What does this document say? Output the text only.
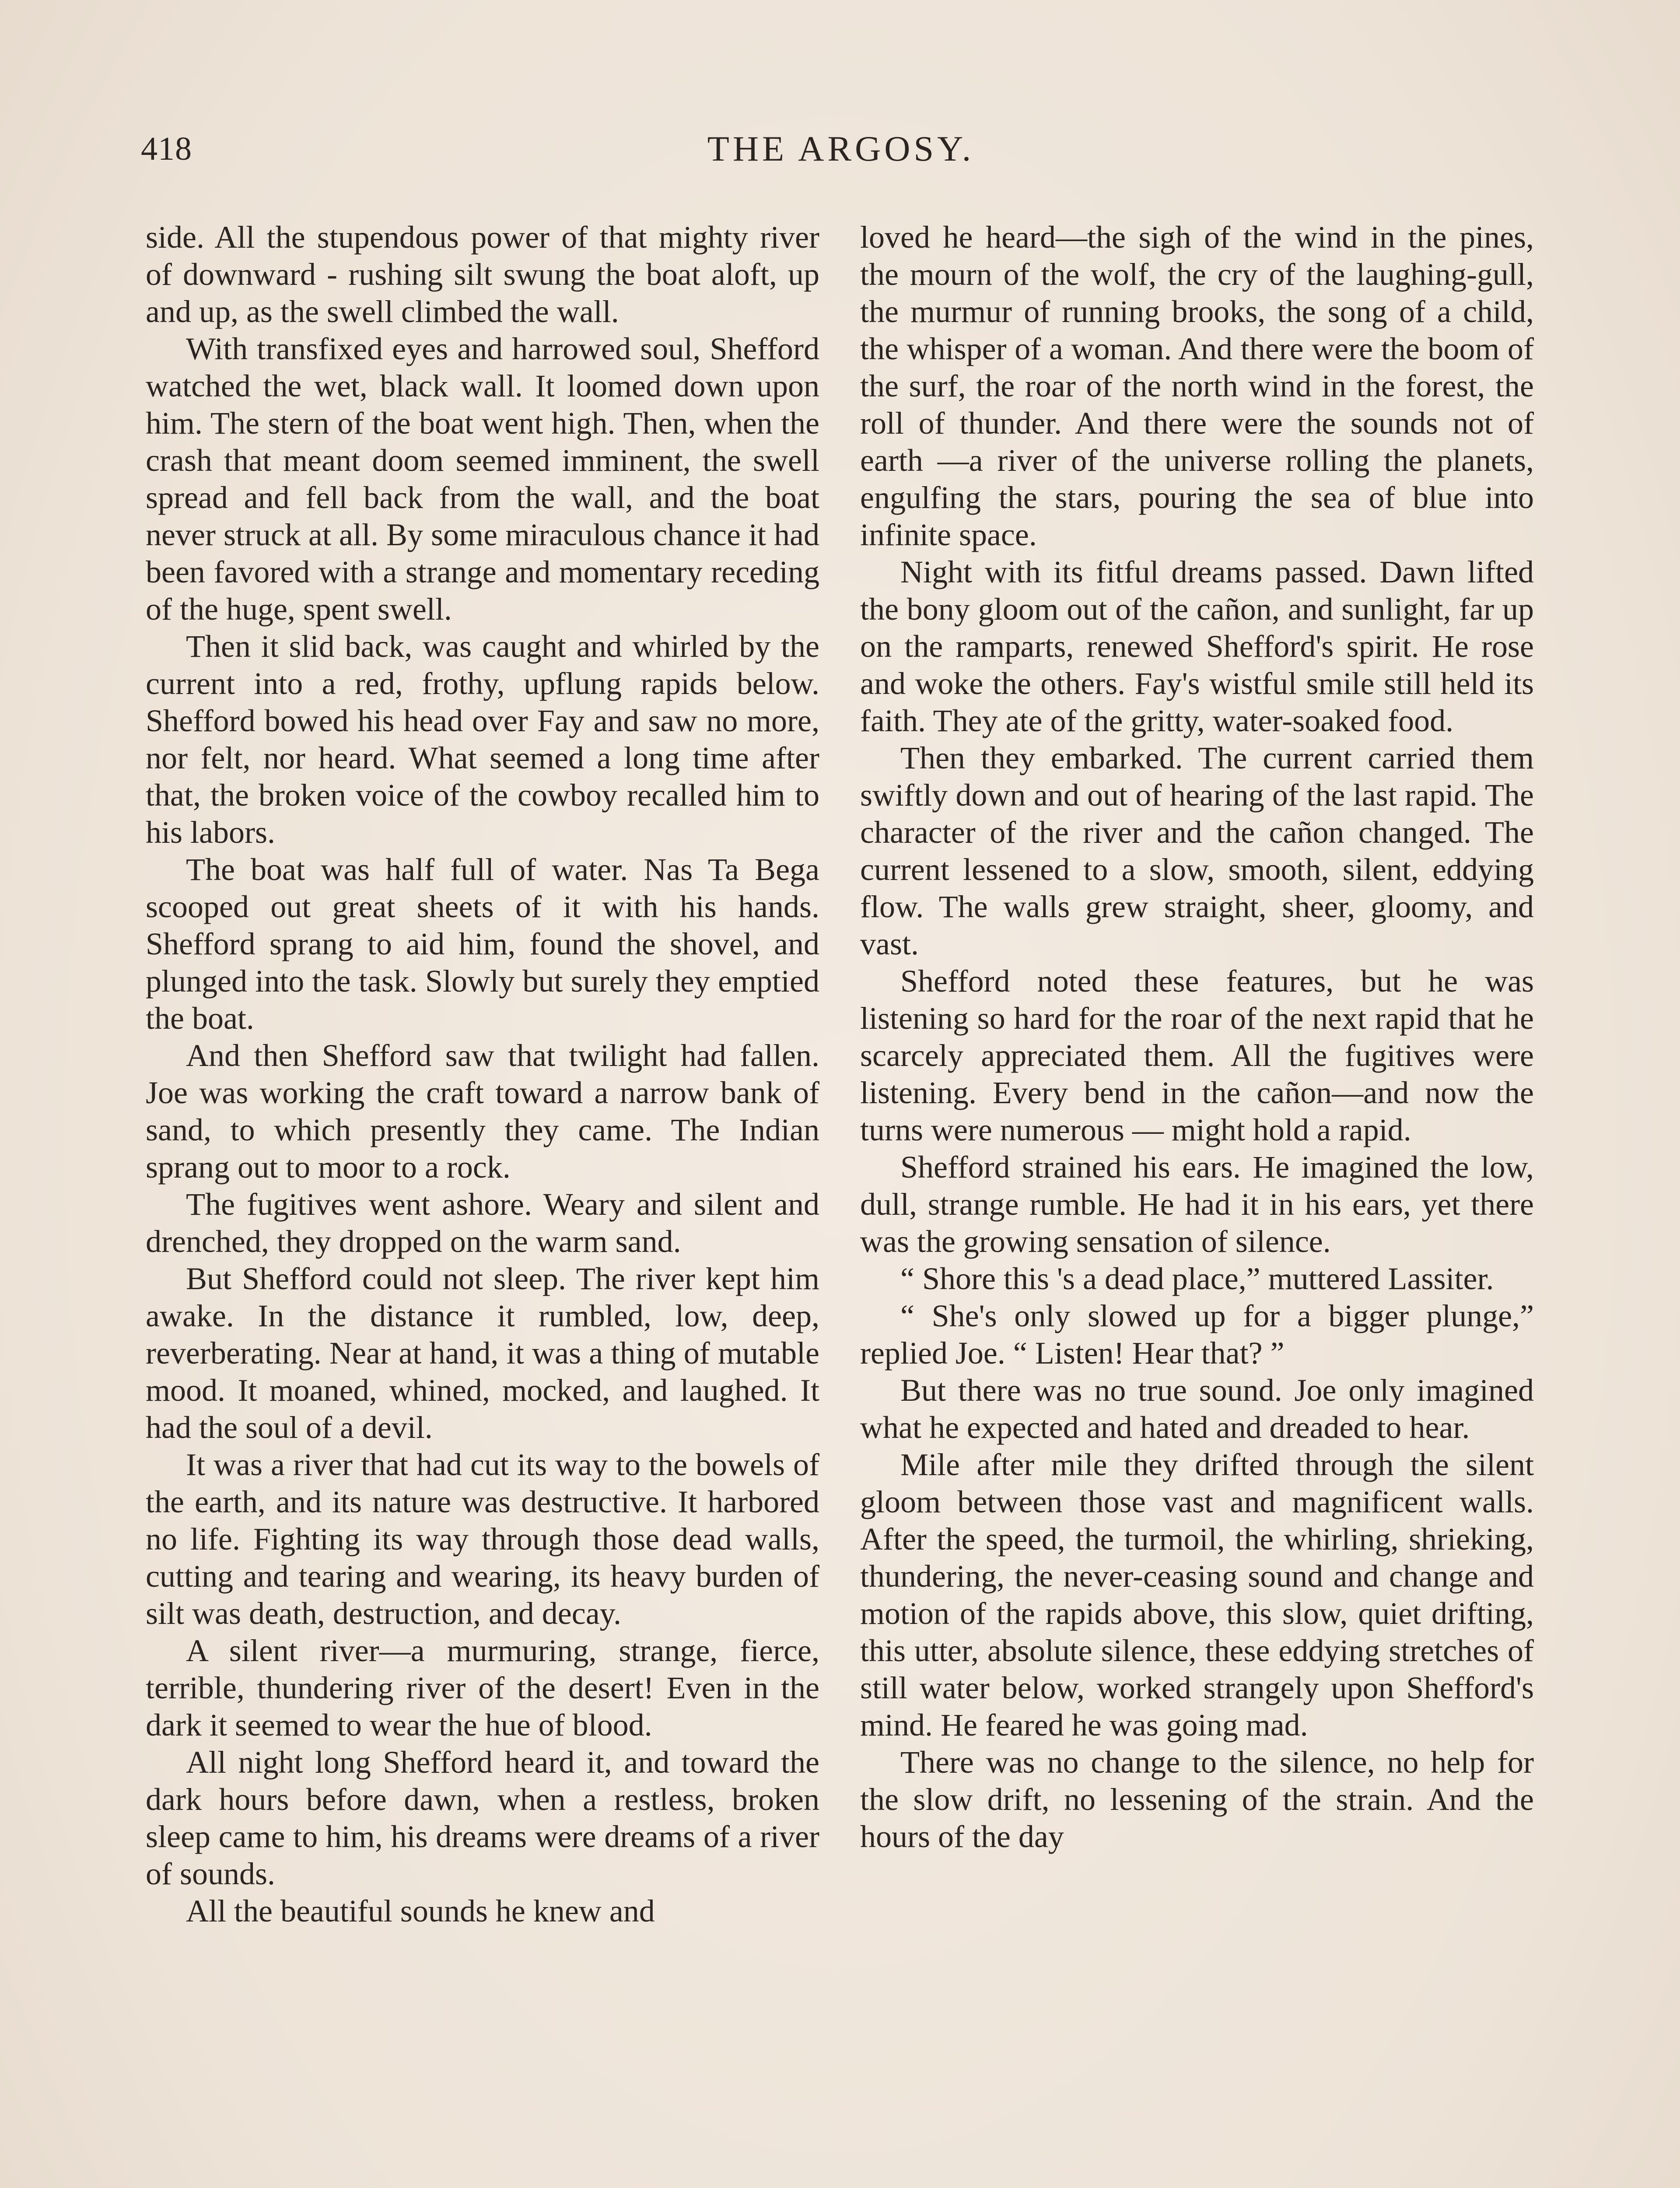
418	THE ARGOSY.

side. All the stupendous power of that mighty river of downward - rushing silt swung the boat aloft, up and up, as the swell climbed the wall.

With transfixed eyes and harrowed soul, Shefford watched the wet, black wall. It loomed down upon him. The stern of the boat went high. Then, when the crash that meant doom seemed imminent, the swell spread and fell back from the wall, and the boat never struck at all. By some miraculous chance it had been favored with a strange and momentary receding of the huge, spent swell.

Then it slid back, was caught and whirled by the current into a red, frothy, upflung rapids below. Shefford bowed his head over Fay and saw no more, nor felt, nor heard. What seemed a long time after that, the broken voice of the cowboy recalled him to his labors.

The boat was half full of water. Nas Ta Bega scooped out great sheets of it with his hands. Shefford sprang to aid him, found the shovel, and plunged into the task. Slowly but surely they emptied the boat.

And then Shefford saw that twilight had fallen. Joe was working the craft toward a narrow bank of sand, to which presently they came. The Indian sprang out to moor to a rock.

The fugitives went ashore. Weary and silent and drenched, they dropped on the warm sand.

But Shefford could not sleep. The river kept him awake. In the distance it rumbled, low, deep, reverberating. Near at hand, it was a thing of mutable mood. It moaned, whined, mocked, and laughed. It had the soul of a devil.

It was a river that had cut its way to the bowels of the earth, and its nature was destructive. It harbored no life. Fighting its way through those dead walls, cutting and tearing and wearing, its heavy burden of silt was death, destruction, and decay.

A silent river—a murmuring, strange, fierce, terrible, thundering river of the desert! Even in the dark it seemed to wear the hue of blood.

All night long Shefford heard it, and toward the dark hours before dawn, when a restless, broken sleep came to him, his dreams were dreams of a river of sounds.

All the beautiful sounds he knew and

loved he heard—the sigh of the wind in the pines, the mourn of the wolf, the cry of the laughing-gull, the murmur of running brooks, the song of a child, the whisper of a woman. And there were the boom of the surf, the roar of the north wind in the forest, the roll of thunder. And there were the sounds not of earth —a river of the universe rolling the planets, engulfing the stars, pouring the sea of blue into infinite space.

Night with its fitful dreams passed. Dawn lifted the bony gloom out of the cañon, and sunlight, far up on the ramparts, renewed Shefford's spirit. He rose and woke the others. Fay's wistful smile still held its faith. They ate of the gritty, water-soaked food.

Then they embarked. The current carried them swiftly down and out of hearing of the last rapid. The character of the river and the cañon changed. The current lessened to a slow, smooth, silent, eddying flow. The walls grew straight, sheer, gloomy, and vast.

Shefford noted these features, but he was listening so hard for the roar of the next rapid that he scarcely appreciated them. All the fugitives were listening. Every bend in the cañon—and now the turns were numerous — might hold a rapid.

Shefford strained his ears. He imagined the low, dull, strange rumble. He had it in his ears, yet there was the growing sensation of silence.

“ Shore this 's a dead place,” muttered Lassiter.

“ She's only slowed up for a bigger plunge,” replied Joe. “ Listen! Hear that? ”

But there was no true sound. Joe only imagined what he expected and hated and dreaded to hear.

Mile after mile they drifted through the silent gloom between those vast and magnificent walls. After the speed, the turmoil, the whirling, shrieking, thundering, the never-ceasing sound and change and motion of the rapids above, this slow, quiet drifting, this utter, absolute silence, these eddying stretches of still water below, worked strangely upon Shefford's mind. He feared he was going mad.

There was no change to the silence, no help for the slow drift, no lessening of the strain. And the hours of the day
